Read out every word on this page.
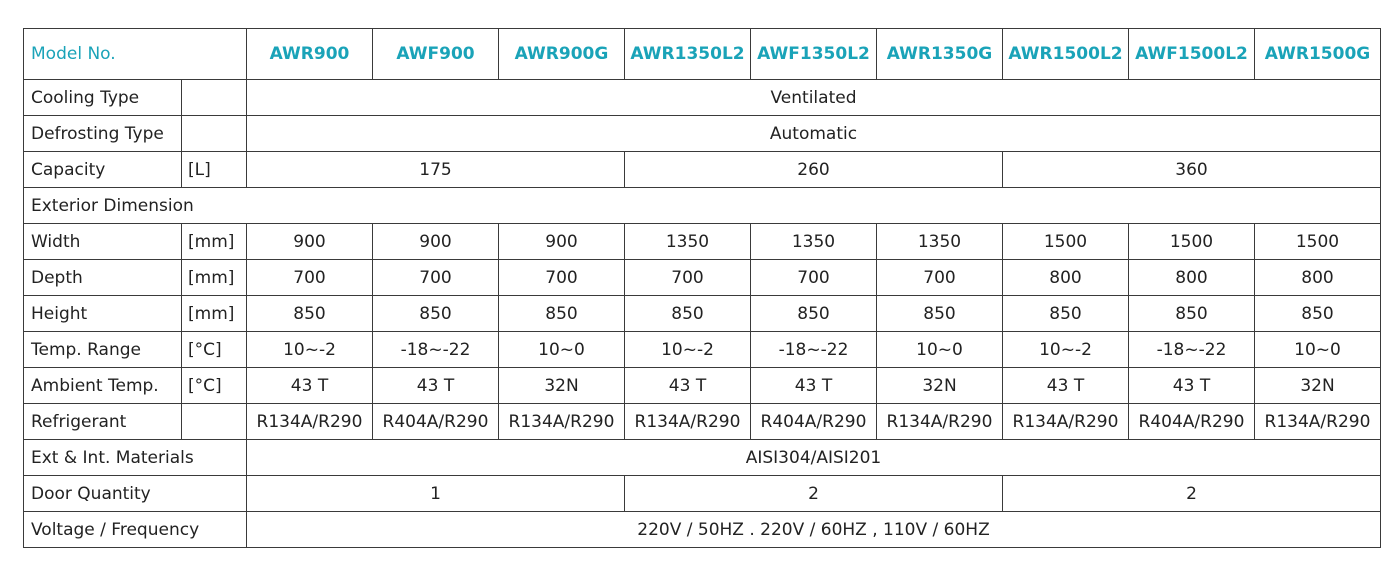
Model No.		AWR900	AWF900	AWR900G	AWR1350L2	AWF1350L2	AWR1350G	AWR1500L2	AWF1500L2	AWR1500G
Cooling Type		Ventilated								
Defrosting Type		Automatic								
Capacity	[L]	175			260			360		
Exterior Dimension										
Width	[mm]	900	900	900	1350	1350	1350	1500	1500	1500
Depth	[mm]	700	700	700	700	700	700	800	800	800
Height	[mm]	850	850	850	850	850	850	850	850	850
Temp. Range	[°C]	10~-2	-18~-22	10~0	10~-2	-18~-22	10~0	10~-2	-18~-22	10~0
Ambient Temp.	[°C]	43 T	43 T	32N	43 T	43 T	32N	43 T	43 T	32N
Refrigerant		R134A/R290	R404A/R290	R134A/R290	R134A/R290	R404A/R290	R134A/R290	R134A/R290	R404A/R290	R134A/R290
Ext & Int. Materials		AISI304/AISI201								
Door Quantity		1			2			2		
Voltage / Frequency		220V / 50HZ . 220V / 60HZ , 110V / 60HZ								
